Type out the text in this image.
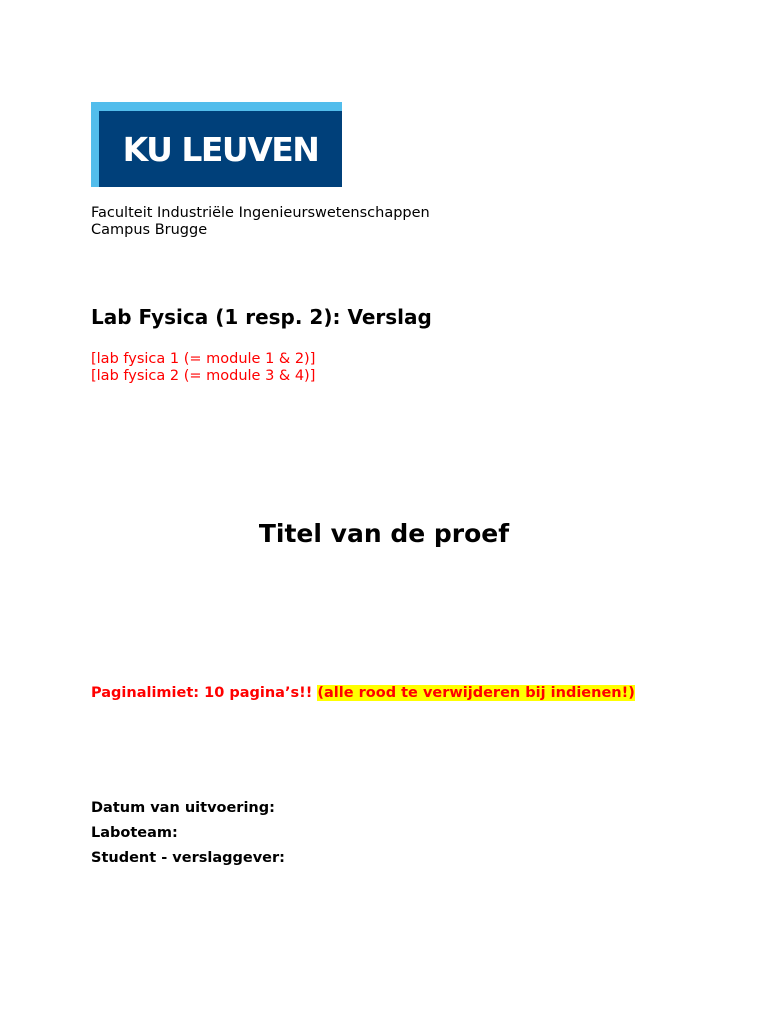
KU LEUVEN
Faculteit Industriële Ingenieurswetenschappen
Campus Brugge
Lab Fysica (1 resp. 2): Verslag
[lab fysica 1 (= module 1 & 2)]
[lab fysica 2 (= module 3 & 4)]
Titel van de proef
Paginalimiet: 10 pagina’s!! (alle rood te verwijderen bij indienen!)
Datum van uitvoering:
Laboteam:
Student - verslaggever:
